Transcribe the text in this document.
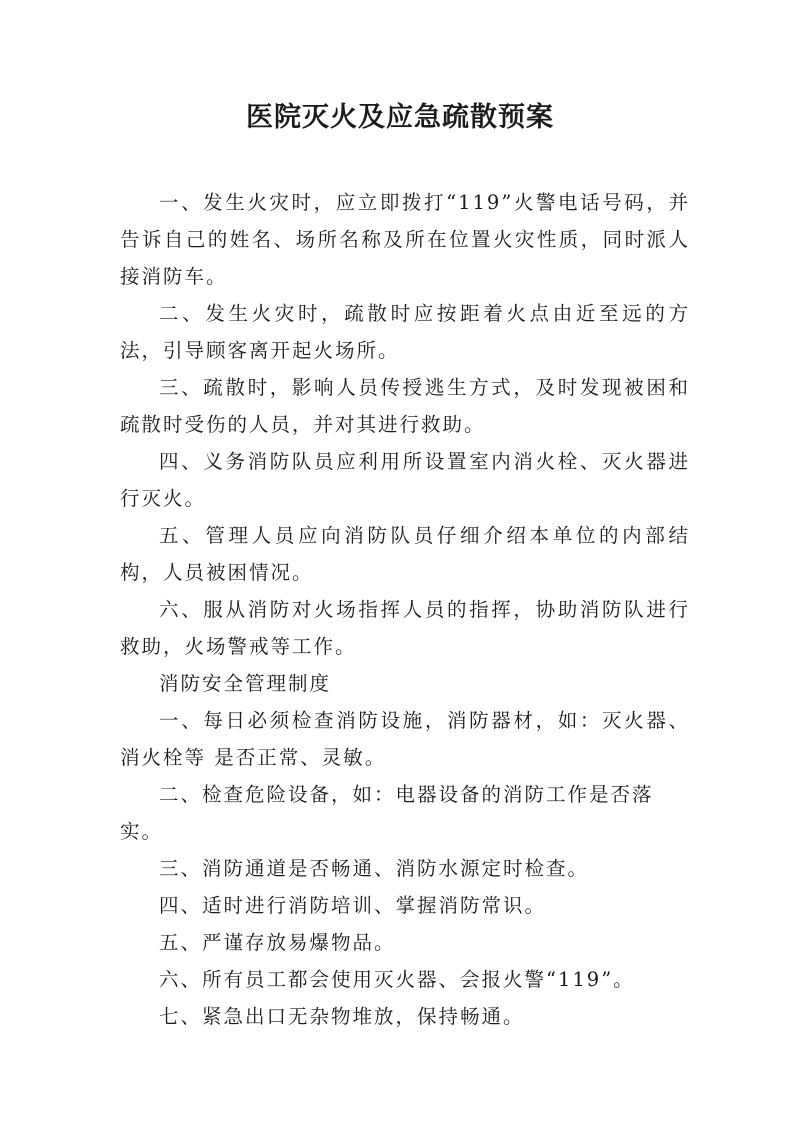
医院灭火及应急疏散预案

一、发生火灾时，应立即拨打“119”火警电话号码，并告诉自己的姓名、场所名称及所在位置火灾性质，同时派人接消防车。

二、发生火灾时，疏散时应按距着火点由近至远的方法，引导顾客离开起火场所。

三、疏散时，影响人员传授逃生方式，及时发现被困和疏散时受伤的人员，并对其进行救助。

四、义务消防队员应利用所设置室内消火栓、灭火器进行灭火。

五、管理人员应向消防队员仔细介绍本单位的内部结构，人员被困情况。

六、服从消防对火场指挥人员的指挥，协助消防队进行救助，火场警戒等工作。

消防安全管理制度

一、每日必须检查消防设施，消防器材，如：灭火器、消火栓等 是否正常、灵敏。

二、检查危险设备，如：电器设备的消防工作是否落实。

三、消防通道是否畅通、消防水源定时检查。

四、适时进行消防培训、掌握消防常识。

五、严谨存放易爆物品。

六、所有员工都会使用灭火器、会报火警“119”。

七、紧急出口无杂物堆放，保持畅通。
